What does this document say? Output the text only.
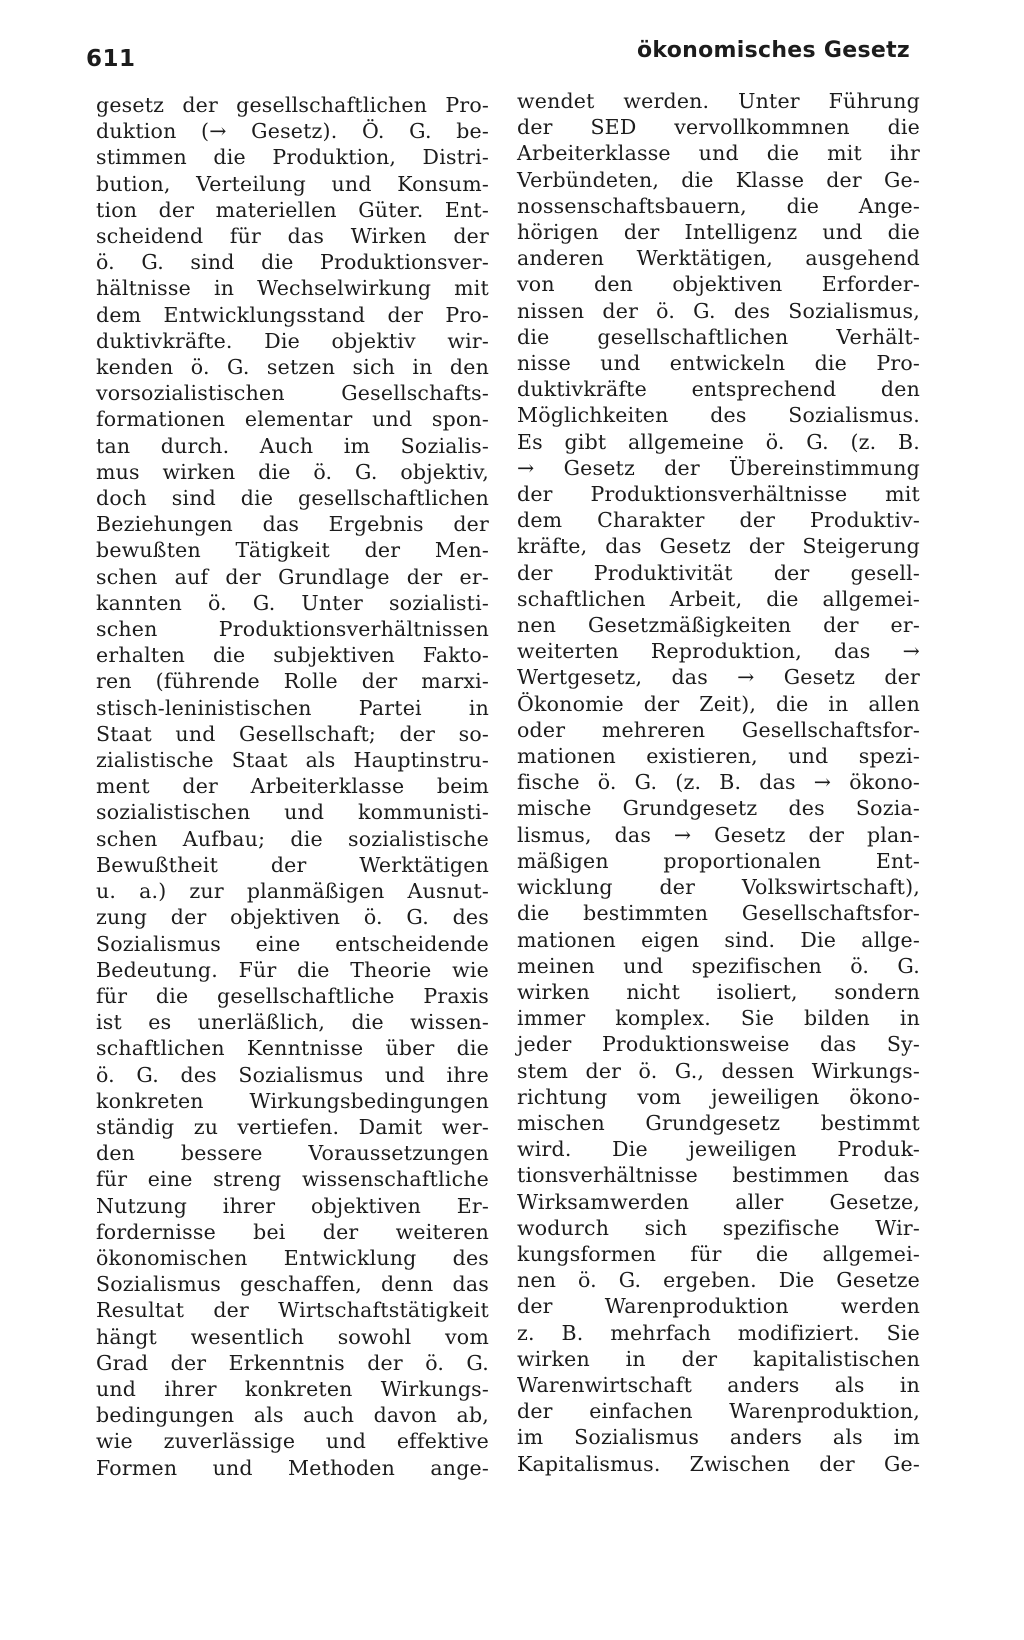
611	ökonomisches Gesetz
gesetz der gesellschaftlichen Pro-
duktion (→ Gesetz). Ö. G. be-
stimmen die Produktion, Distri-
bution, Verteilung und Konsum-
tion der materiellen Güter. Ent-
scheidend für das Wirken der
ö. G. sind die Produktionsver-
hältnisse in Wechselwirkung mit
dem Entwicklungsstand der Pro-
duktivkräfte. Die objektiv wir-
kenden ö. G. setzen sich in den
vorsozialistischen Gesellschafts-
formationen elementar und spon-
tan durch. Auch im Sozialis-
mus wirken die ö. G. objektiv,
doch sind die gesellschaftlichen
Beziehungen das Ergebnis der
bewußten Tätigkeit der Men-
schen auf der Grundlage der er-
kannten ö. G. Unter sozialisti-
schen Produktionsverhältnissen
erhalten die subjektiven Fakto-
ren (führende Rolle der marxi-
stisch-leninistischen Partei in
Staat und Gesellschaft; der so-
zialistische Staat als Hauptinstru-
ment der Arbeiterklasse beim
sozialistischen und kommunisti-
schen Aufbau; die sozialistische
Bewußtheit der Werktätigen
u. a.) zur planmäßigen Ausnut-
zung der objektiven ö. G. des
Sozialismus eine entscheidende
Bedeutung. Für die Theorie wie
für die gesellschaftliche Praxis
ist es unerläßlich, die wissen-
schaftlichen Kenntnisse über die
ö. G. des Sozialismus und ihre
konkreten Wirkungsbedingungen
ständig zu vertiefen. Damit wer-
den bessere Voraussetzungen
für eine streng wissenschaftliche
Nutzung ihrer objektiven Er-
fordernisse bei der weiteren
ökonomischen Entwicklung des
Sozialismus geschaffen, denn das
Resultat der Wirtschaftstätigkeit
hängt wesentlich sowohl vom
Grad der Erkenntnis der ö. G.
und ihrer konkreten Wirkungs-
bedingungen als auch davon ab,
wie zuverlässige und effektive
Formen und Methoden ange-
wendet werden. Unter Führung
der SED vervollkommnen die
Arbeiterklasse und die mit ihr
Verbündeten, die Klasse der Ge-
nossenschaftsbauern, die Ange-
hörigen der Intelligenz und die
anderen Werktätigen, ausgehend
von den objektiven Erforder-
nissen der ö. G. des Sozialismus,
die gesellschaftlichen Verhält-
nisse und entwickeln die Pro-
duktivkräfte entsprechend den
Möglichkeiten des Sozialismus.
Es gibt allgemeine ö. G. (z. B.
→ Gesetz der Übereinstimmung
der Produktionsverhältnisse mit
dem Charakter der Produktiv-
kräfte, das Gesetz der Steigerung
der Produktivität der gesell-
schaftlichen Arbeit, die allgemei-
nen Gesetzmäßigkeiten der er-
weiterten Reproduktion, das →
Wertgesetz, das → Gesetz der
Ökonomie der Zeit), die in allen
oder mehreren Gesellschaftsfor-
mationen existieren, und spezi-
fische ö. G. (z. B. das → ökono-
mische Grundgesetz des Sozia-
lismus, das → Gesetz der plan-
mäßigen proportionalen Ent-
wicklung der Volkswirtschaft),
die bestimmten Gesellschaftsfor-
mationen eigen sind. Die allge-
meinen und spezifischen ö. G.
wirken nicht isoliert, sondern
immer komplex. Sie bilden in
jeder Produktionsweise das Sy-
stem der ö. G., dessen Wirkungs-
richtung vom jeweiligen ökono-
mischen Grundgesetz bestimmt
wird. Die jeweiligen Produk-
tionsverhältnisse bestimmen das
Wirksamwerden aller Gesetze,
wodurch sich spezifische Wir-
kungsformen für die allgemei-
nen ö. G. ergeben. Die Gesetze
der Warenproduktion werden
z. B. mehrfach modifiziert. Sie
wirken in der kapitalistischen
Warenwirtschaft anders als in
der einfachen Warenproduktion,
im Sozialismus anders als im
Kapitalismus. Zwischen der Ge-
